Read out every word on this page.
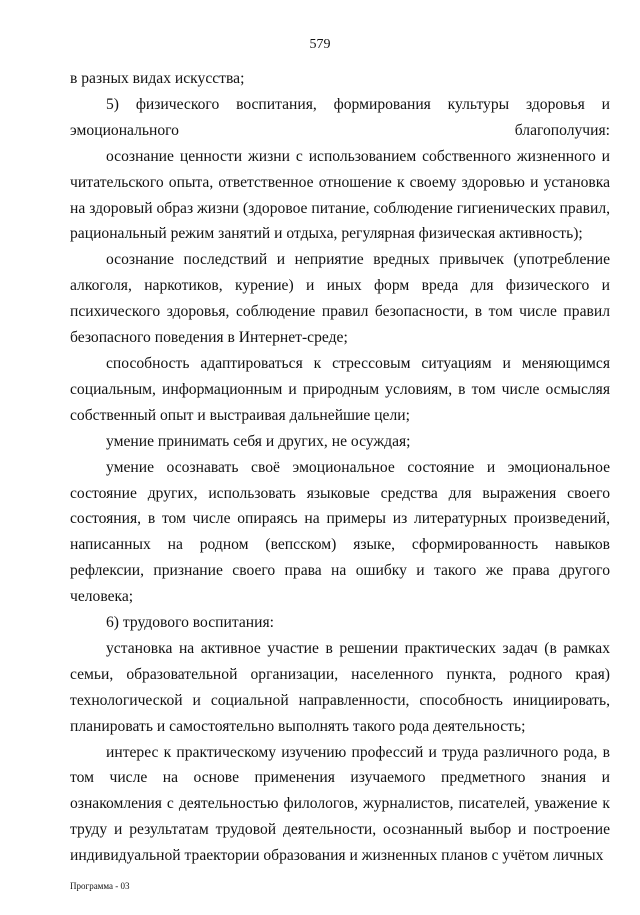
579

в разных видах искусства;

5) физического воспитания, формирования культуры здоровья и эмоционального благополучия:

осознание ценности жизни с использованием собственного жизненного и читательского опыта, ответственное отношение к своему здоровью и установка на здоровый образ жизни (здоровое питание, соблюдение гигиенических правил, рациональный режим занятий и отдыха, регулярная физическая активность);

осознание последствий и неприятие вредных привычек (употребление алкоголя, наркотиков, курение) и иных форм вреда для физического и психического здоровья, соблюдение правил безопасности, в том числе правил безопасного поведения в Интернет-среде;

способность адаптироваться к стрессовым ситуациям и меняющимся социальным, информационным и природным условиям, в том числе осмысляя собственный опыт и выстраивая дальнейшие цели;

умение принимать себя и других, не осуждая;

умение осознавать своё эмоциональное состояние и эмоциональное состояние других, использовать языковые средства для выражения своего состояния, в том числе опираясь на примеры из литературных произведений, написанных на родном (вепсском) языке, сформированность навыков рефлексии, признание своего права на ошибку и такого же права другого человека;

6) трудового воспитания:

установка на активное участие в решении практических задач (в рамках семьи, образовательной организации, населенного пункта, родного края) технологической и социальной направленности, способность инициировать, планировать и самостоятельно выполнять такого рода деятельность;

интерес к практическому изучению профессий и труда различного рода, в том числе на основе применения изучаемого предметного знания и ознакомления с деятельностью филологов, журналистов, писателей, уважение к труду и результатам трудовой деятельности, осознанный выбор и построение индивидуальной траектории образования и жизненных планов с учётом личных

Программа - 03
